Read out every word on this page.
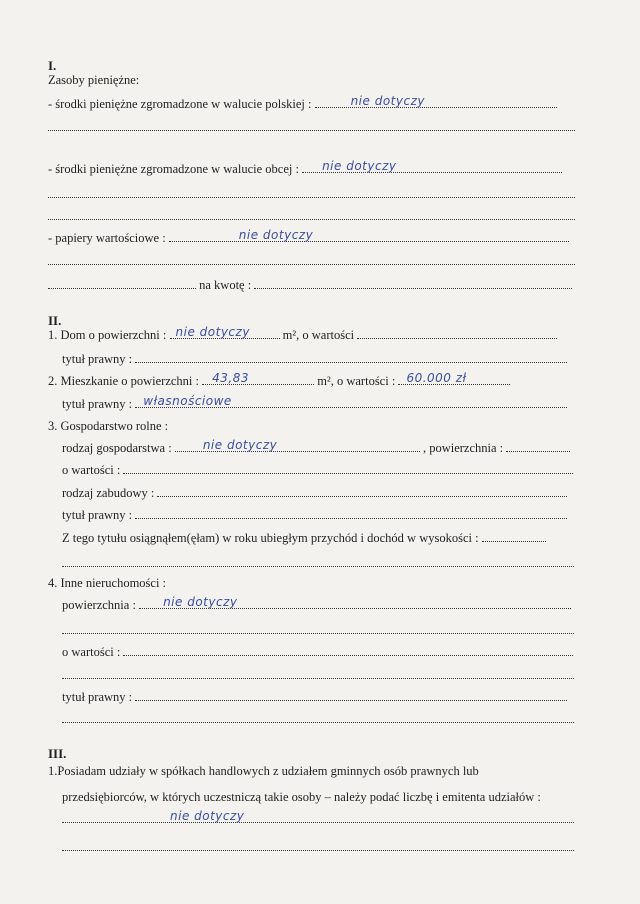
I.
Zasoby pieniężne:
- środki pieniężne zgromadzone w walucie polskiej :	nie dotyczy
- środki pieniężne zgromadzone w walucie obcej : nie dotyczy
- papiery wartościowe :	nie dotyczy
na kwotę :
II.
1. Dom o powierzchni : nie dotyczy	m², o wartości
tytuł prawny :
2. Mieszkanie o powierzchni : 43,83	m², o wartości : 60.000 zł
tytuł prawny : własnościowe
3. Gospodarstwo rolne :
rodzaj gospodarstwa :	nie dotyczy	, powierzchnia :
o wartości :
rodzaj zabudowy :
tytuł prawny :
Z tego tytułu osiągnąłem(ęłam) w roku ubiegłym przychód i dochód w wysokości :
4. Inne nieruchomości :
powierzchnia : nie dotyczy
o wartości :
tytuł prawny :
III.
1.Posiadam udziały w spółkach handlowych z udziałem gminnych osób prawnych lub
przedsiębiorców, w których uczestniczą takie osoby – należy podać liczbę i emitenta udziałów :
nie dotyczy
